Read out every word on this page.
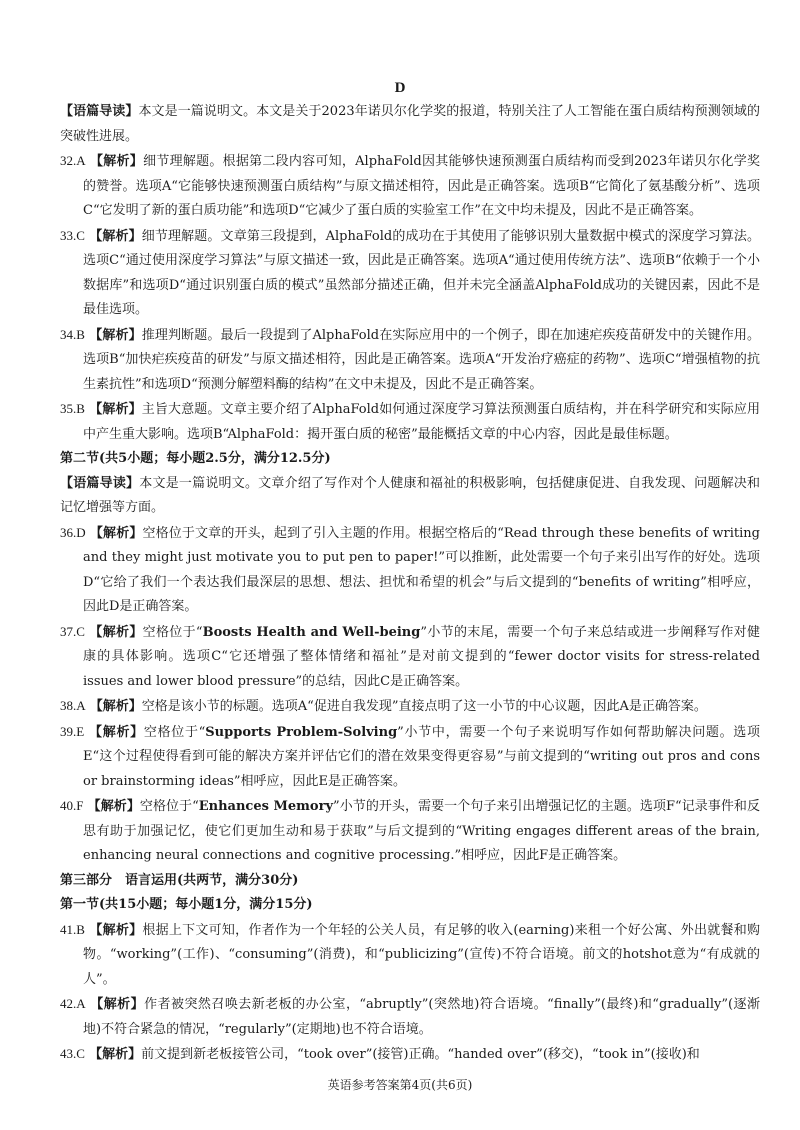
D

【语篇导读】本文是一篇说明文。本文是关于2023年诺贝尔化学奖的报道，特别关注了人工智能在蛋白质结构预测领域的突破性进展。

32.A 【解析】细节理解题。根据第二段内容可知，AlphaFold因其能够快速预测蛋白质结构而受到2023年诺贝尔化学奖的赞誉。选项A“它能够快速预测蛋白质结构”与原文描述相符，因此是正确答案。选项B“它简化了氨基酸分析”、选项C“它发明了新的蛋白质功能”和选项D“它减少了蛋白质的实验室工作”在文中均未提及，因此不是正确答案。

33.C 【解析】细节理解题。文章第三段提到，AlphaFold的成功在于其使用了能够识别大量数据中模式的深度学习算法。选项C“通过使用深度学习算法”与原文描述一致，因此是正确答案。选项A“通过使用传统方法”、选项B“依赖于一个小数据库”和选项D“通过识别蛋白质的模式”虽然部分描述正确，但并未完全涵盖AlphaFold成功的关键因素，因此不是最佳选项。

34.B 【解析】推理判断题。最后一段提到了AlphaFold在实际应用中的一个例子，即在加速疟疾疫苗研发中的关键作用。选项B“加快疟疾疫苗的研发”与原文描述相符，因此是正确答案。选项A“开发治疗癌症的药物”、选项C“增强植物的抗生素抗性”和选项D“预测分解塑料酶的结构”在文中未提及，因此不是正确答案。

35.B 【解析】主旨大意题。文章主要介绍了AlphaFold如何通过深度学习算法预测蛋白质结构，并在科学研究和实际应用中产生重大影响。选项B“AlphaFold：揭开蛋白质的秘密”最能概括文章的中心内容，因此是最佳标题。

第二节(共5小题；每小题2.5分，满分12.5分)

【语篇导读】本文是一篇说明文。文章介绍了写作对个人健康和福祉的积极影响，包括健康促进、自我发现、问题解决和记忆增强等方面。

36.D 【解析】空格位于文章的开头，起到了引入主题的作用。根据空格后的“Read through these benefits of writing and they might just motivate you to put pen to paper!”可以推断，此处需要一个句子来引出写作的好处。选项D“它给了我们一个表达我们最深层的思想、想法、担忧和希望的机会”与后文提到的“benefits of writing”相呼应，因此D是正确答案。

37.C 【解析】空格位于“Boosts Health and Well-being”小节的末尾，需要一个句子来总结或进一步阐释写作对健康的具体影响。选项C“它还增强了整体情绪和福祉”是对前文提到的“fewer doctor visits for stress-related issues and lower blood pressure”的总结，因此C是正确答案。

38.A 【解析】空格是该小节的标题。选项A“促进自我发现”直接点明了这一小节的中心议题，因此A是正确答案。

39.E 【解析】空格位于“Supports Problem-Solving”小节中，需要一个句子来说明写作如何帮助解决问题。选项E“这个过程使得看到可能的解决方案并评估它们的潜在效果变得更容易”与前文提到的“writing out pros and cons or brainstorming ideas”相呼应，因此E是正确答案。

40.F 【解析】空格位于“Enhances Memory”小节的开头，需要一个句子来引出增强记忆的主题。选项F“记录事件和反思有助于加强记忆，使它们更加生动和易于获取”与后文提到的“Writing engages different areas of the brain, enhancing neural connections and cognitive processing.”相呼应，因此F是正确答案。

第三部分　语言运用(共两节，满分30分)

第一节(共15小题；每小题1分，满分15分)

41.B 【解析】根据上下文可知，作者作为一个年轻的公关人员，有足够的收入(earning)来租一个好公寓、外出就餐和购物。“working”(工作)、“consuming”(消费)，和“publicizing”(宣传)不符合语境。前文的hotshot意为“有成就的人”。

42.A 【解析】作者被突然召唤去新老板的办公室，“abruptly”(突然地)符合语境。“finally”(最终)和“gradually”(逐渐地)不符合紧急的情况，“regularly”(定期地)也不符合语境。

43.C 【解析】前文提到新老板接管公司，“took over”(接管)正确。“handed over”(移交)，“took in”(接收)和

英语参考答案第4页(共6页)
